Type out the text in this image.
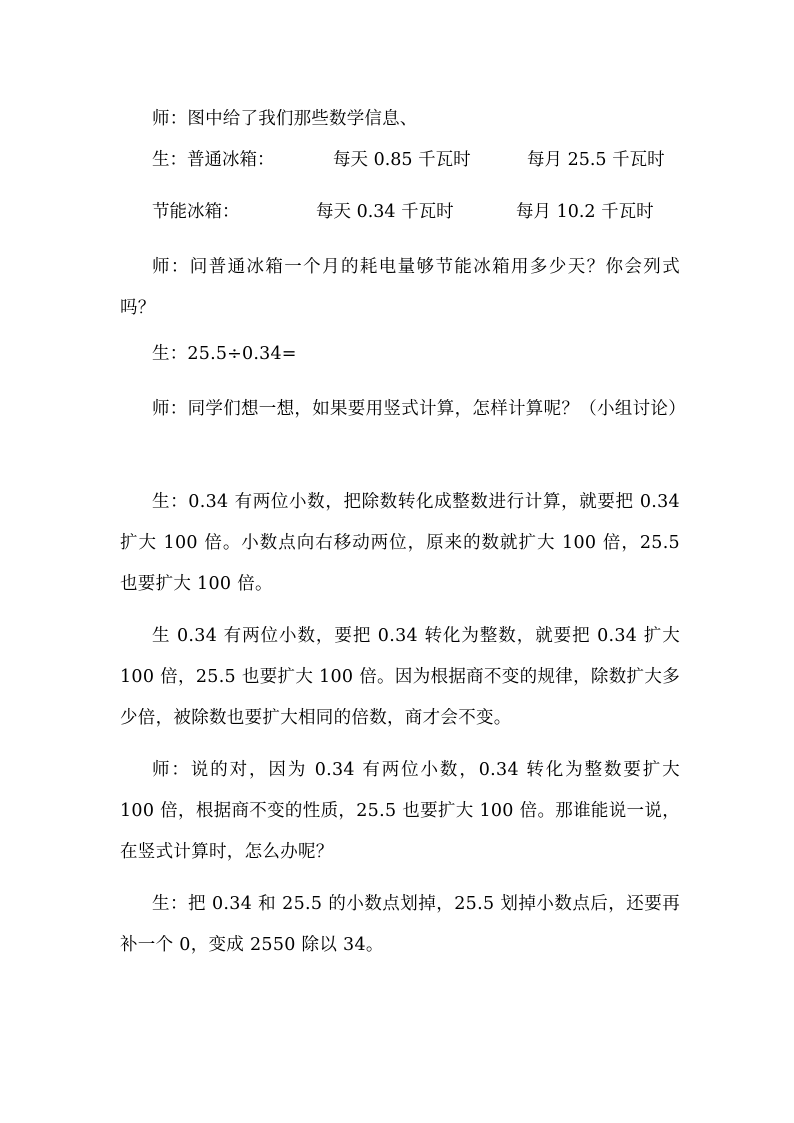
师：图中给了我们那些数学信息、
生：普通冰箱：	每天 0.85 千瓦时	每月 25.5 千瓦时
节能冰箱：	每天 0.34 千瓦时	每月 10.2 千瓦时
师：问普通冰箱一个月的耗电量够节能冰箱用多少天？你会列式吗？
生：25.5÷0.34=
师：同学们想一想，如果要用竖式计算，怎样计算呢？（小组讨论）
生：0.34 有两位小数，把除数转化成整数进行计算，就要把 0.34 扩大 100 倍。小数点向右移动两位，原来的数就扩大 100 倍，25.5 也要扩大 100 倍。
生 0.34 有两位小数，要把 0.34 转化为整数，就要把 0.34 扩大 100 倍，25.5 也要扩大 100 倍。因为根据商不变的规律，除数扩大多少倍，被除数也要扩大相同的倍数，商才会不变。
师：说的对，因为 0.34 有两位小数，0.34 转化为整数要扩大 100 倍，根据商不变的性质，25.5 也要扩大 100 倍。那谁能说一说，在竖式计算时，怎么办呢？
生：把 0.34 和 25.5 的小数点划掉，25.5 划掉小数点后，还要再补一个 0，变成 2550 除以 34。
